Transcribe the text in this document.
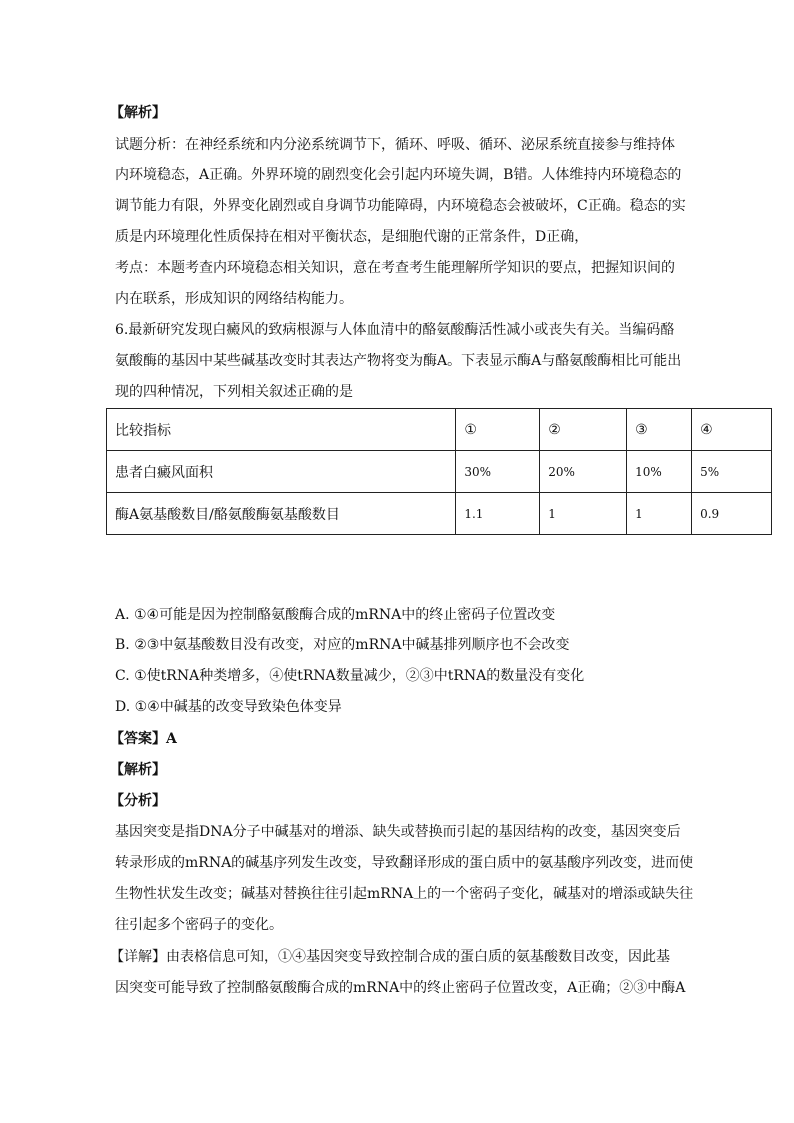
【解析】
试题分析：在神经系统和内分泌系统调节下，循环、呼吸、循环、泌尿系统直接参与维持体
内环境稳态，A正确。外界环境的剧烈变化会引起内环境失调，B错。人体维持内环境稳态的
调节能力有限，外界变化剧烈或自身调节功能障碍，内环境稳态会被破坏，C正确。稳态的实
质是内环境理化性质保持在相对平衡状态，是细胞代谢的正常条件，D正确，
考点：本题考查内环境稳态相关知识，意在考查考生能理解所学知识的要点，把握知识间的
内在联系，形成知识的网络结构能力。
6.最新研究发现白癜风的致病根源与人体血清中的酪氨酸酶活性减小或丧失有关。当编码酪
氨酸酶的基因中某些碱基改变时其表达产物将变为酶A。下表显示酶A与酪氨酸酶相比可能出
现的四种情况，下列相关叙述正确的是
比较指标	①	②	③	④
患者白癜风面积	30%	20%	10%	5%
酶A氨基酸数目/酪氨酸酶氨基酸数目	1.1	1	1	0.9
A. ①④可能是因为控制酪氨酸酶合成的mRNA中的终止密码子位置改变
B. ②③中氨基酸数目没有改变，对应的mRNA中碱基排列顺序也不会改变
C. ①使tRNA种类增多，④使tRNA数量减少，②③中tRNA的数量没有变化
D. ①④中碱基的改变导致染色体变异
【答案】A
【解析】
【分析】
基因突变是指DNA分子中碱基对的增添、缺失或替换而引起的基因结构的改变，基因突变后
转录形成的mRNA的碱基序列发生改变，导致翻译形成的蛋白质中的氨基酸序列改变，进而使
生物性状发生改变；碱基对替换往往引起mRNA上的一个密码子变化，碱基对的增添或缺失往
往引起多个密码子的变化。
【详解】由表格信息可知，①④基因突变导致控制合成的蛋白质的氨基酸数目改变，因此基
因突变可能导致了控制酪氨酸酶合成的mRNA中的终止密码子位置改变，A正确；②③中酶A
